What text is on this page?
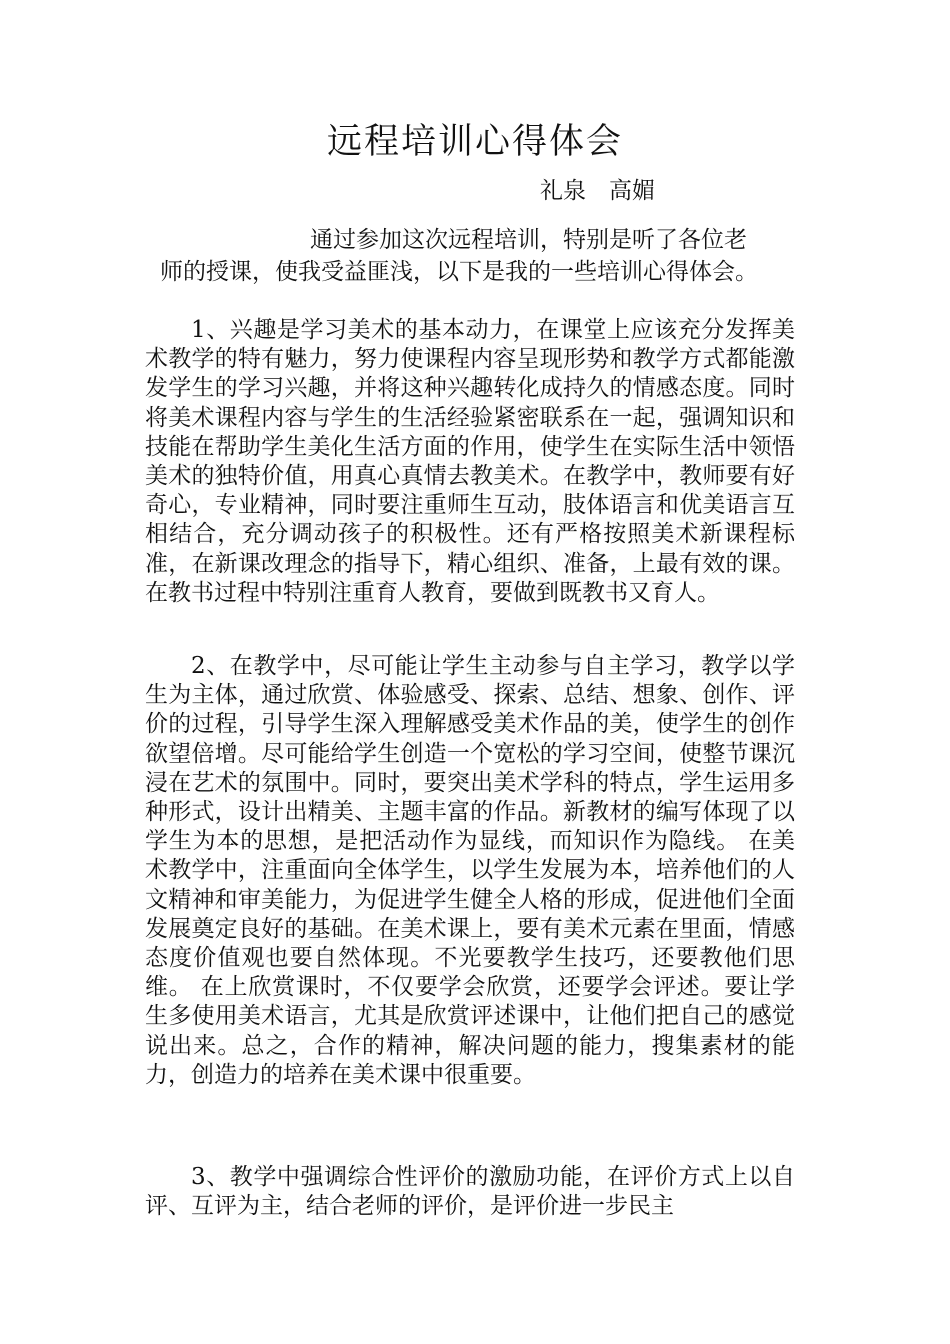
远程培训心得体会
礼泉　高媚
通过参加这次远程培训，特别是听了各位老
师的授课，使我受益匪浅，以下是我的一些培训心得体会。

1、兴趣是学习美术的基本动力，在课堂上应该充分发挥美术教学的特有魅力，努力使课程内容呈现形势和教学方式都能激发学生的学习兴趣，并将这种兴趣转化成持久的情感态度。同时将美术课程内容与学生的生活经验紧密联系在一起，强调知识和技能在帮助学生美化生活方面的作用，使学生在实际生活中领悟美术的独特价值，用真心真情去教美术。在教学中，教师要有好奇心，专业精神，同时要注重师生互动，肢体语言和优美语言互相结合，充分调动孩子的积极性。还有严格按照美术新课程标准，在新课改理念的指导下，精心组织、准备，上最有效的课。在教书过程中特别注重育人教育，要做到既教书又育人。

2、在教学中，尽可能让学生主动参与自主学习，教学以学生为主体，通过欣赏、体验感受、探索、总结、想象、创作、评价的过程，引导学生深入理解感受美术作品的美，使学生的创作欲望倍增。尽可能给学生创造一个宽松的学习空间，使整节课沉浸在艺术的氛围中。同时，要突出美术学科的特点，学生运用多种形式，设计出精美、主题丰富的作品。新教材的编写体现了以学生为本的思想，是把活动作为显线，而知识作为隐线。 在美术教学中，注重面向全体学生，以学生发展为本，培养他们的人文精神和审美能力，为促进学生健全人格的形成，促进他们全面发展奠定良好的基础。在美术课上，要有美术元素在里面，情感态度价值观也要自然体现。不光要教学生技巧，还要教他们思维。 在上欣赏课时，不仅要学会欣赏，还要学会评述。要让学生多使用美术语言，尤其是欣赏评述课中，让他们把自己的感觉说出来。总之，合作的精神，解决问题的能力，搜集素材的能力，创造力的培养在美术课中很重要。

3、教学中强调综合性评价的激励功能，在评价方式上以自评、互评为主，结合老师的评价，是评价进一步民主
